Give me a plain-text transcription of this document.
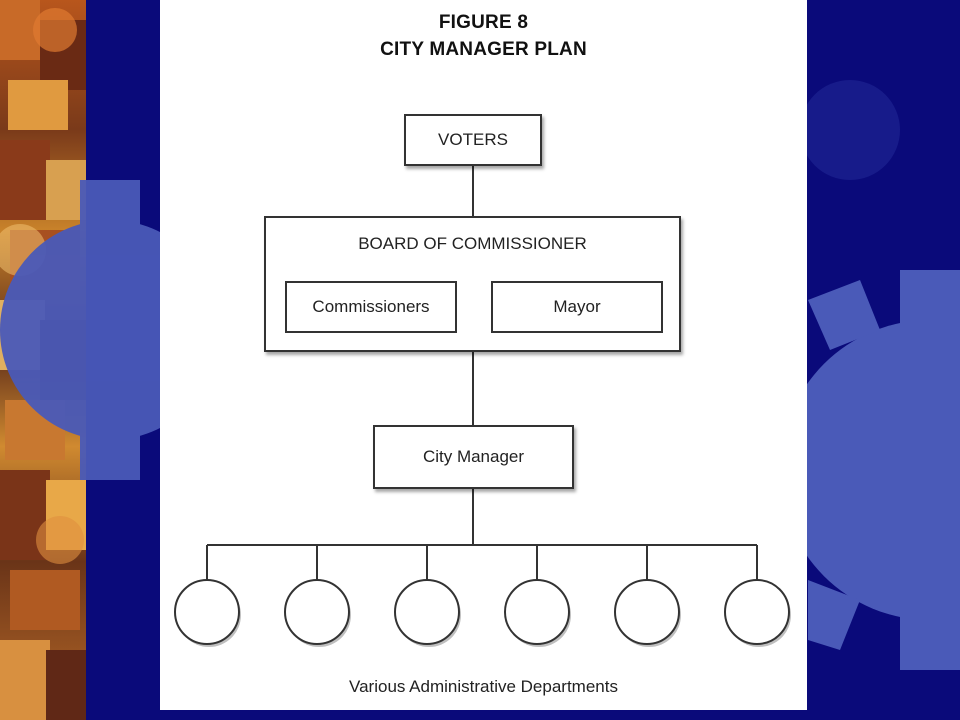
FIGURE 8
CITY MANAGER PLAN
VOTERS
BOARD OF COMMISSIONER
Commissioners	Mayor
City Manager
Various Administrative Departments
